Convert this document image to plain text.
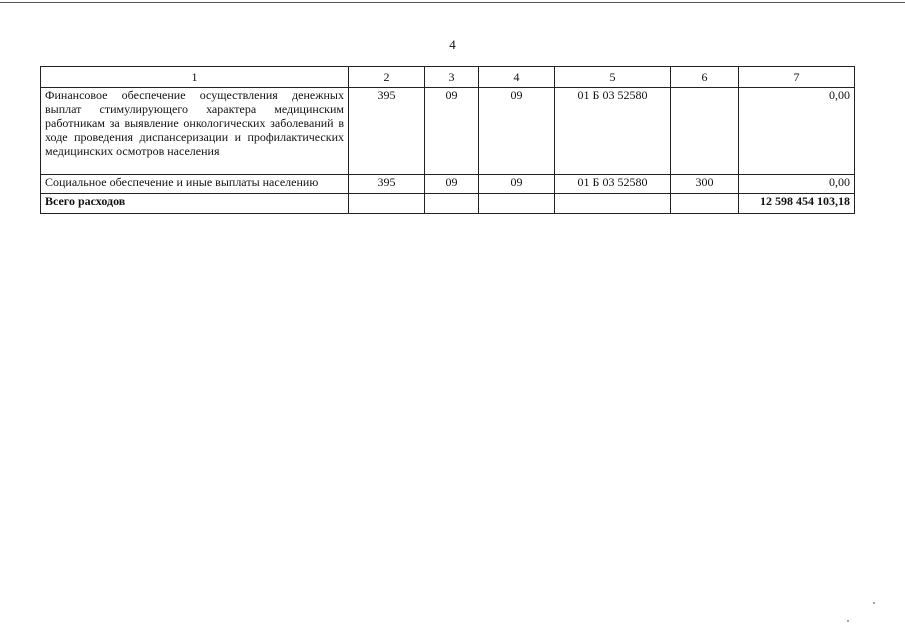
4
1	2	3	4	5	6	7

Финансовое обеспечение осуществления денежных выплат стимулирующего характера медицинским работникам за выявление онкологических заболеваний в ходе проведения диспансеризации и профилактических медицинских осмотров населения	395	09	09	01 Б 03 52580		0,00

Социальное обеспечение и иные выплаты населению	395	09	09	01 Б 03 52580	300	0,00
Всего расходов						12 598 454 103,18
